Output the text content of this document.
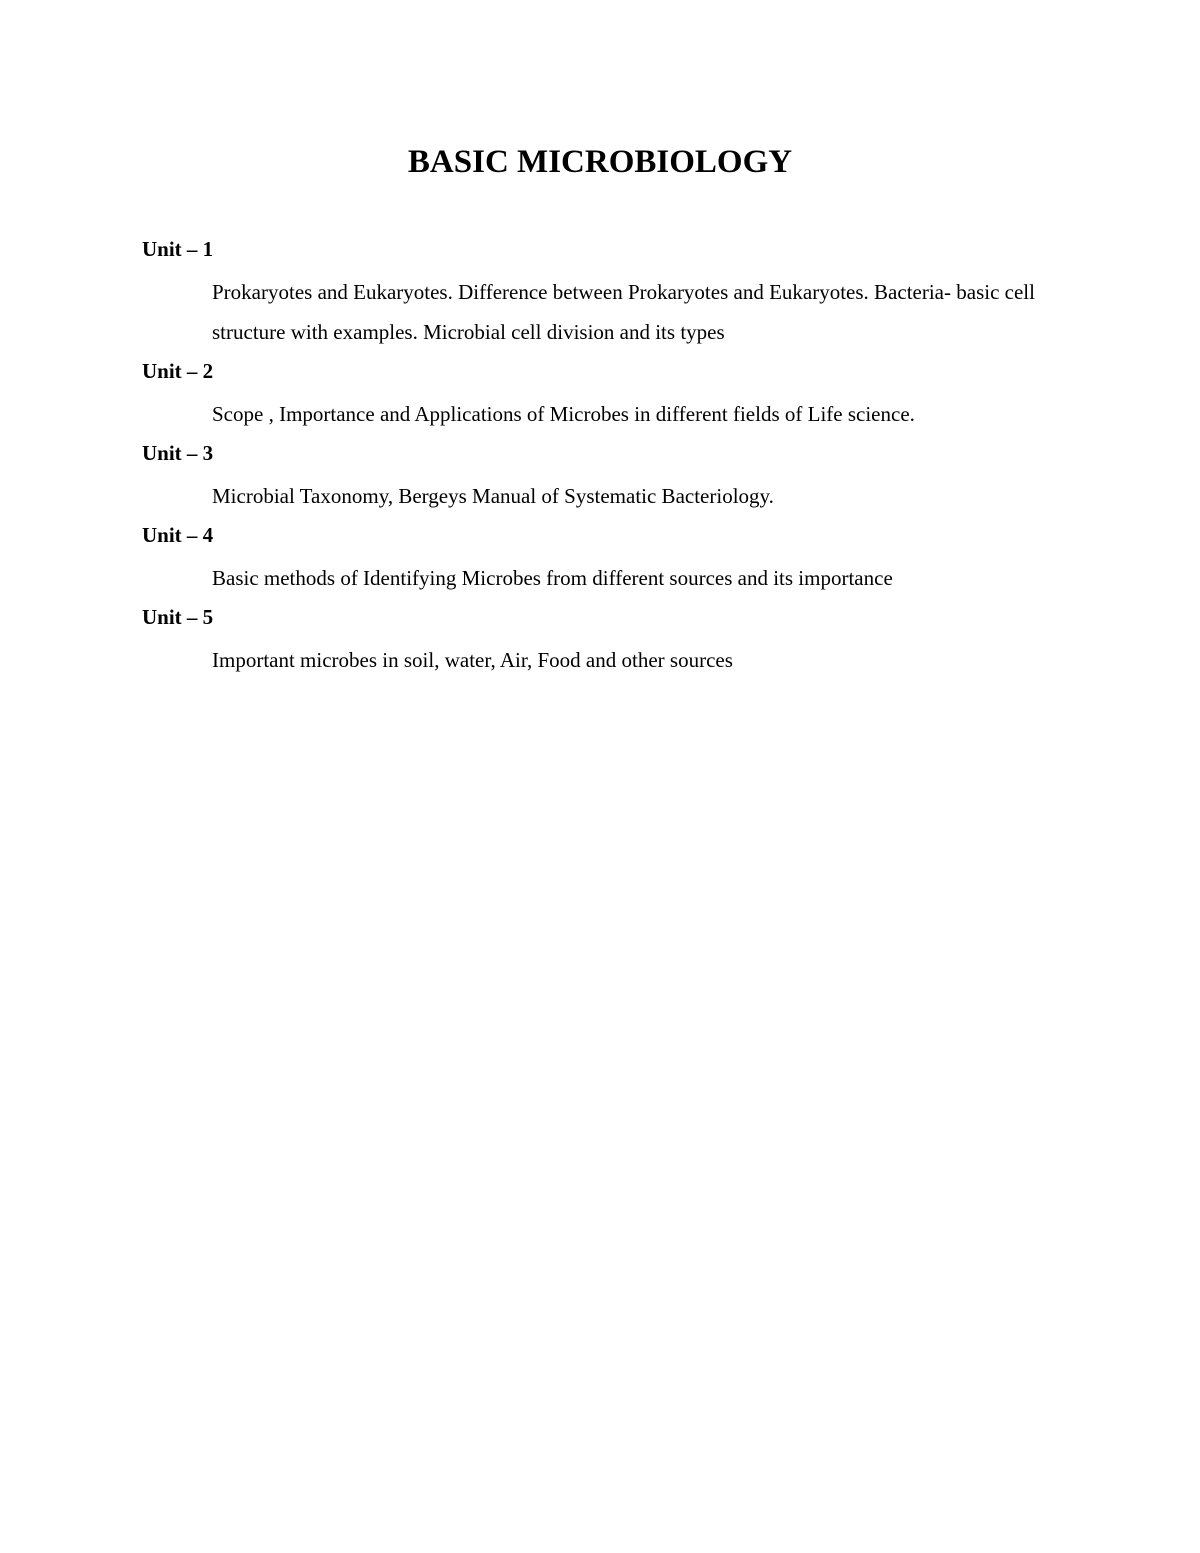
BASIC MICROBIOLOGY
Unit – 1
Prokaryotes and Eukaryotes. Difference between Prokaryotes and Eukaryotes. Bacteria- basic cell structure with examples. Microbial cell division and its types
Unit – 2
Scope , Importance and Applications of Microbes in different fields of Life science.
Unit – 3
Microbial Taxonomy, Bergeys Manual of Systematic Bacteriology.
Unit – 4
Basic methods of Identifying Microbes from different sources and its importance
Unit – 5
Important microbes in soil, water, Air, Food and other sources
